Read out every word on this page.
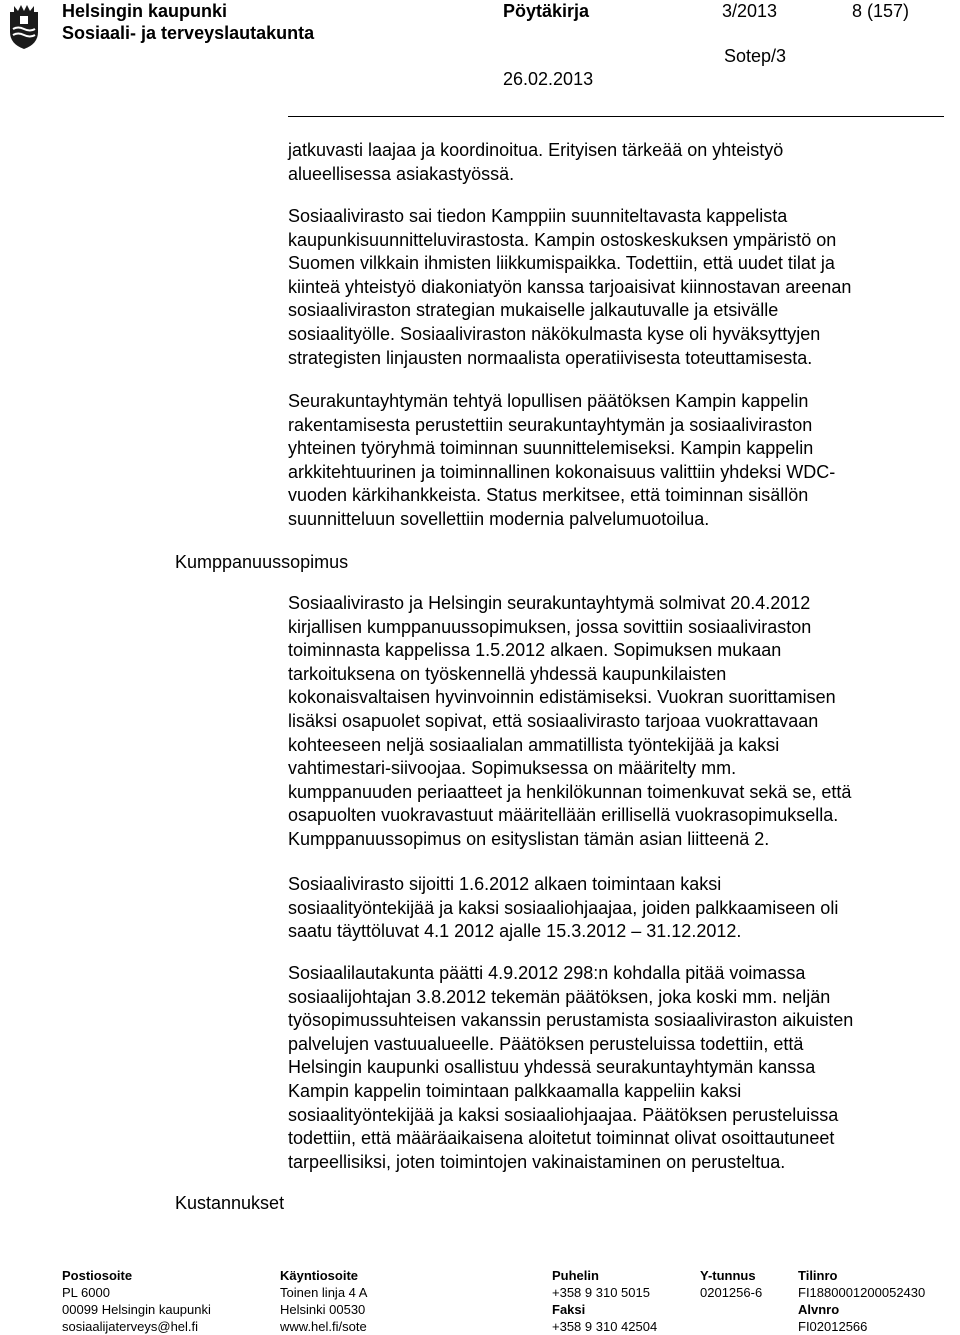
Helsingin kaupunki
Sosiaali- ja terveyslautakunta
Pöytäkirja	3/2013	8 (157)
Sotep/3
26.02.2013
Kumppanuussopimus
Kustannukset
jatkuvasti laajaa ja koordinoitua. Erityisen tärkeää on yhteistyö
alueellisessa asiakastyössä.
Sosiaalivirasto sai tiedon Kamppiin suunniteltavasta kappelista
kaupunkisuunnitteluvirastosta. Kampin ostoskeskuksen ympäristö on
Suomen vilkkain ihmisten liikkumispaikka. Todettiin, että uudet tilat ja
kiinteä yhteistyö diakoniatyön kanssa tarjoaisivat kiinnostavan areenan
sosiaaliviraston strategian mukaiselle jalkautuvalle ja etsivälle
sosiaalityölle. Sosiaaliviraston näkökulmasta kyse oli hyväksyttyjen
strategisten linjausten normaalista operatiivisesta toteuttamisesta.
Seurakuntayhtymän tehtyä lopullisen päätöksen Kampin kappelin
rakentamisesta perustettiin seurakuntayhtymän ja sosiaaliviraston
yhteinen työryhmä toiminnan suunnittelemiseksi. Kampin kappelin
arkkitehtuurinen ja toiminnallinen kokonaisuus valittiin yhdeksi WDC-
vuoden kärkihankkeista. Status merkitsee, että toiminnan sisällön
suunnitteluun sovellettiin modernia palvelumuotoilua.
Sosiaalivirasto ja Helsingin seurakuntayhtymä solmivat 20.4.2012
kirjallisen kumppanuussopimuksen, jossa sovittiin sosiaaliviraston
toiminnasta kappelissa 1.5.2012 alkaen. Sopimuksen mukaan
tarkoituksena on työskennellä yhdessä kaupunkilaisten
kokonaisvaltaisen hyvinvoinnin edistämiseksi. Vuokran suorittamisen
lisäksi osapuolet sopivat, että sosiaalivirasto tarjoaa vuokrattavaan
kohteeseen neljä sosiaalialan ammatillista työntekijää ja kaksi
vahtimestari-siivoojaa. Sopimuksessa on määritelty mm.
kumppanuuden periaatteet ja henkilökunnan toimenkuvat sekä se, että
osapuolten vuokravastuut määritellään erillisellä vuokrasopimuksella.
Kumppanuussopimus on esityslistan tämän asian liitteenä 2.
Sosiaalivirasto sijoitti 1.6.2012 alkaen toimintaan kaksi
sosiaalityöntekijää ja kaksi sosiaaliohjaajaa, joiden palkkaamiseen oli
saatu täyttöluvat 4.1 2012 ajalle 15.3.2012 – 31.12.2012.
Sosiaalilautakunta päätti 4.9.2012 298:n kohdalla pitää voimassa
sosiaalijohtajan 3.8.2012 tekemän päätöksen, joka koski mm. neljän
työsopimussuhteisen vakanssin perustamista sosiaaliviraston aikuisten
palvelujen vastuualueelle. Päätöksen perusteluissa todettiin, että
Helsingin kaupunki osallistuu yhdessä seurakuntayhtymän kanssa
Kampin kappelin toimintaan palkkaamalla kappeliin kaksi
sosiaalityöntekijää ja kaksi sosiaaliohjaajaa. Päätöksen perusteluissa
todettiin, että määräaikaisena aloitetut toiminnat olivat osoittautuneet
tarpeellisiksi, joten toimintojen vakinaistaminen on perusteltua.
Postiosoite
PL 6000
00099 Helsingin kaupunki
sosiaalijaterveys@hel.fi
Käyntiosoite
Toinen linja 4 A
Helsinki 00530
www.hel.fi/sote
Puhelin
+358 9 310 5015
Faksi
+358 9 310 42504
Y-tunnus
0201256-6
Tilinro
FI1880001200052430
Alvnro
FI02012566
